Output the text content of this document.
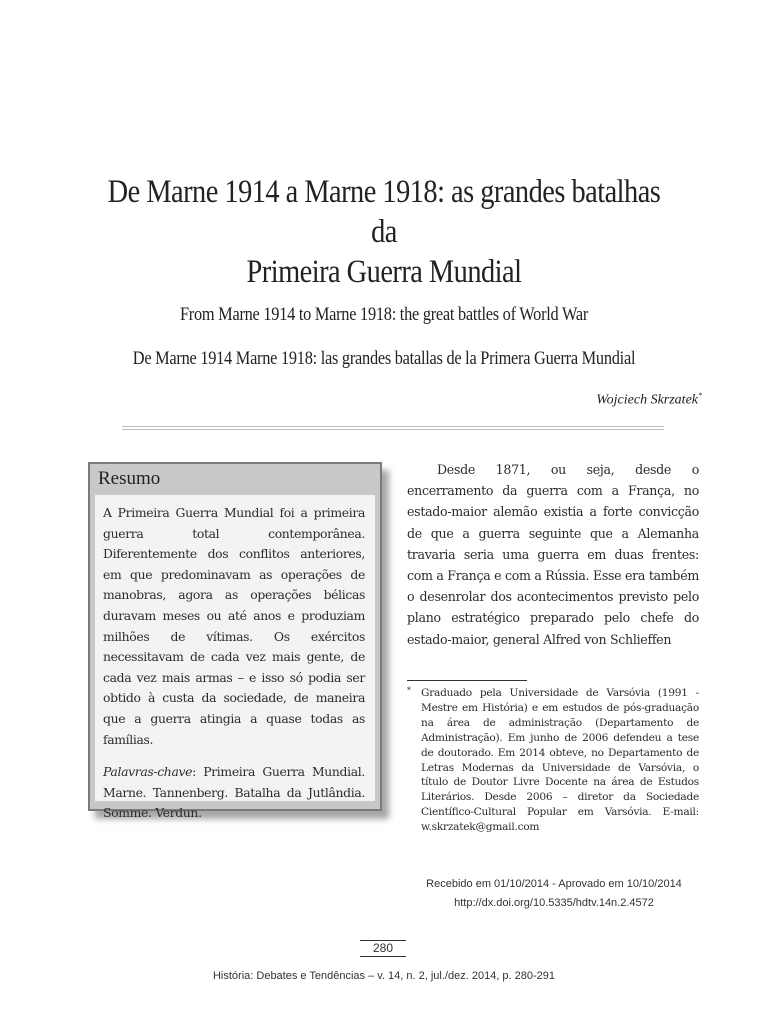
De Marne 1914 a Marne 1918: as grandes batalhas da
Primeira Guerra Mundial
From Marne 1914 to Marne 1918: the great battles of World War
De Marne 1914 Marne 1918: las grandes batallas de la Primera Guerra Mundial
Wojciech Skrzatek*
Resumo

A Primeira Guerra Mundial foi a primeira guerra total contemporânea. Diferentemente dos conflitos anteriores, em que predominavam as operações de manobras, agora as operações bélicas duravam meses ou até anos e produziam milhões de vítimas. Os exércitos necessitavam de cada vez mais gente, de cada vez mais armas – e isso só podia ser obtido à custa da sociedade, de maneira que a guerra atingia a quase todas as famílias.

Palavras-chave: Primeira Guerra Mundial. Marne. Tannenberg. Batalha da Jutlândia. Somme. Verdun.

Desde 1871, ou seja, desde o encerramento da guerra com a França, no estado-maior alemão existia a forte convicção de que a guerra seguinte que a Alemanha travaria seria uma guerra em duas frentes: com a França e com a Rússia. Esse era também o desenrolar dos acontecimentos previsto pelo plano estratégico preparado pelo chefe do estado-maior, general Alfred von Schlieffen

* Graduado pela Universidade de Varsóvia (1991 - Mestre em História) e em estudos de pós-graduação na área de administração (Departamento de Administração). Em junho de 2006 defendeu a tese de doutorado. Em 2014 obteve, no Departamento de Letras Modernas da Universidade de Varsóvia, o título de Doutor Livre Docente na área de Estudos Literários. Desde 2006 – diretor da Sociedade Científico-Cultural Popular em Varsóvia. E-mail: w.skrzatek@gmail.com
Recebido em 01/10/2014 - Aprovado em 10/10/2014
http://dx.doi.org/10.5335/hdtv.14n.2.4572
280
História: Debates e Tendências – v. 14, n. 2, jul./dez. 2014, p. 280-291
